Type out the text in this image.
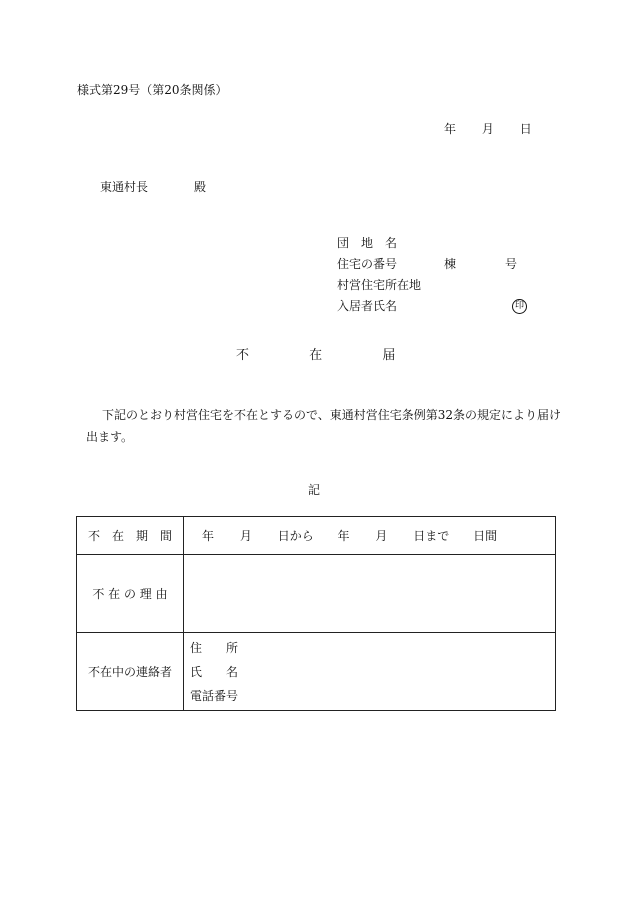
様式第29号（第20条関係）
年 月 日
東通村長	殿
団　地　名
住宅の番号	棟	号
村営住宅所在地
入居者氏名	印
不	在	届
下記のとおり村営住宅を不在とするので、東通村営住宅条例第32条の規定により届け
出ます。
記
不　在　期　間	年 月 日から 年 月 日まで 日間
不 在 の 理 由	
不在中の連絡者	住　　所
氏　　名
電話番号
